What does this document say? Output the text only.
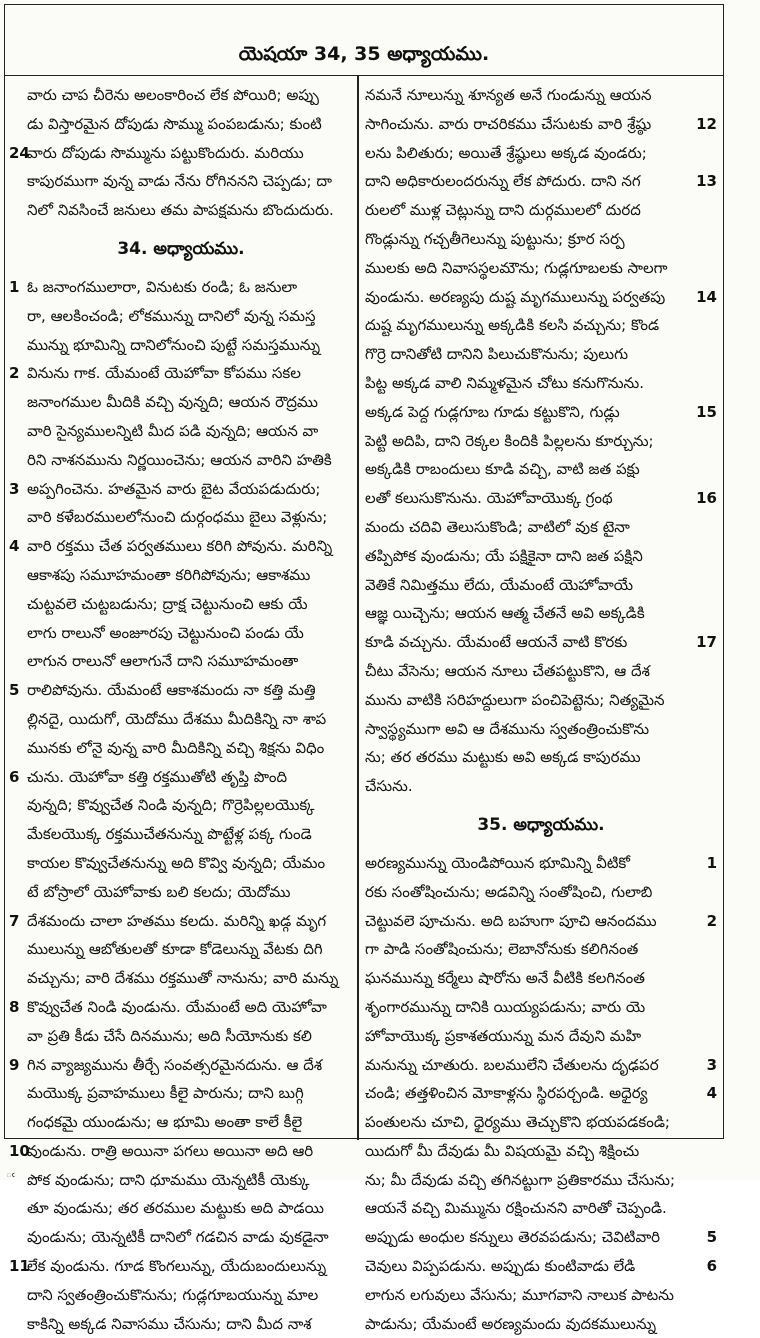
యెషయా 34, 35 అధ్యాయము.
వారు చాప చీరెను అలంకారించ లేక పోయిరి; అప్పు
డు విస్తారమైన దోపుడు సొమ్ము పంపబడును; కుంటి
24వారు దోపుడు సొమ్మును పట్టుకొందురు. మరియు
కాపురముగా వున్న వాడు నేను రోగిననని చెప్పడు; దా
నిలో నివసించే జనులు తమ పాపక్షమను బొందుదురు.
34. అధ్యాయము.
1 ఓ జనాంగములారా, వినుటకు రండి; ఓ జనులా
రా, ఆలకించండి; లోకమున్ను దానిలో వున్న సమస్త
మున్ను భూమిన్ని దానిలోనుంచి పుట్టే సమస్తమున్ను
2 వినును గాక. యేమంటే యెహోవా కోపము సకల
జనాంగముల మీదికి వచ్చి వున్నది; ఆయన రౌద్రము
వారి సైన్యములన్నిటి మీద పడి వున్నది; ఆయన వా
రిని నాశనమును నిర్ణయించెను; ఆయన వారిని హతికి
3 అప్పగించెను. హతమైన వారు బైట వేయపడుదురు;
వారి కళేబరములలోనుంచి దుర్గంధము బైలు వెళ్లును;
4 వారి రక్తము చేత పర్వతములు కరిగి పోవును. మరిన్ని
ఆకాశపు సమూహమంతా కరిగిపోవును; ఆకాశము
చుట్టవలె చుట్టబడును; ద్రాక్ష చెట్టునుంచి ఆకు యే
లాగు రాలునో అంజూరపు చెట్టునుంచి పండు యే
లాగున రాలునో ఆలాగునే దాని సమూహమంతా
5 రాలిపోవును. యేమంటే ఆకాశమందు నా కత్తి మత్తి
ల్లినదై, యిదుగో, యెదోము దేశము మీదికిన్ని నా శాప
మునకు లోనై వున్న వారి మీదికిన్ని వచ్చి శిక్షను విధిం
6 చును. యెహోవా కత్తి రక్తముతోటి తృప్తి పొంది
వున్నది; కొవ్వుచేత నిండి వున్నది; గొర్రెపిల్లలయొక్క
మేకలయొక్క రక్తముచేతనున్ను పొట్టేళ్ల పక్క గుండె
కాయల కొవ్వుచేతనున్ను అది కొవ్వి వున్నది; యేమం
టే బోస్రాలో యెహోవాకు బలి కలదు; యెదోము
7 దేశమందు చాలా హతము కలదు. మరిన్ని ఖడ్గ మృగ
ములున్ను ఆబోతులతో కూడా కోడెలున్ను వేటకు దిగి
వచ్చును; వారి దేశము రక్తముతో నానును; వారి మన్ను
8 కొవ్వుచేత నిండి వుండును. యేమంటే అది యెహోవా
వా ప్రతి కీడు చేసే దినమును; అది సీయోనుకు కలి
9 గిన వ్యాజ్యమును తీర్చే సంవత్సరమైనదును. ఆ దేశ
మయొక్క ప్రవాహములు కీలై పారును; దాని బుగ్గి
గంధకమై యుండును; ఆ భూమి అంతా కాలే కీలై
10వుండును. రాత్రి అయినా పగలు అయినా అది ఆరి
పోక వుండును; దాని ధూమము యెన్నటికీ యెక్కు
తూ వుండును; తర తరముల మట్టుకు అది పాడయి
వుండును; యెన్నటికీ దానిలో గడచిన వాడు వుకడైనా
11లేక వుండును. గూడ కొంగలున్ను, యేదుబందులున్ను
దాని స్వతంత్రించుకొనును; గుడ్లగూబయున్ను మాల
కాకిన్ని అక్కడ నివాసము చేసును; దాని మీద నాశ
నమనే నూలున్ను శూన్యత అనే గుండున్ను ఆయన
సాగించును. వారు రాచరికము చేసుటకు వారి శ్రేష్ఠు	12
లను పిలితురు; అయితే శ్రేష్ఠులు అక్కడ వుండరు;
దాని అధికారులందరున్ను లేక పోదురు. దాని నగ	13
రులలో ముళ్ల చెట్లున్ను దాని దుర్గములలో దురద
గొండ్లున్ను గచ్చతీగెలున్ను పుట్టును; క్రూర సర్ప
ములకు అది నివాసస్థలమౌను; గుడ్లగూబలకు సాలగా
వుండును. అరణ్యపు దుష్ట మృగములున్ను పర్వతపు 14
దుష్ట మృగములున్ను అక్కడికి కలసి వచ్చును; కొండ
గొర్రె దానితోటి దానిని పిలుచుకొనును; పులుగు
పిట్ట అక్కడ వాలి నిమ్మళమైన చోటు కనుగొనును.
అక్కడ పెద్ద గుడ్లగూబ గూడు కట్టుకొని, గుడ్లు	15
పెట్టి అదిపి, దాని రెక్కల కిందికి పిల్లలను కూర్చును;
అక్కడికి రాబందులు కూడి వచ్చి, వాటి జత పక్షు
లతో కలుసుకొనును. యెహోవాయొక్క గ్రంథ	16
మందు చదివి తెలుసుకొండి; వాటిలో వుక టైనా
తప్పిపోక వుండును; యే పక్షికైనా దాని జత పక్షిని
వెతికే నిమిత్తము లేదు, యేమంటే యెహోవాయే
ఆజ్ఞ యిచ్చెను; ఆయన ఆత్మ చేతనే అవి అక్కడికి
కూడి వచ్చును. యేమంటే ఆయనే వాటి కొరకు	17
చీటు వేసెను; ఆయన నూలు చేతపట్టుకొని, ఆ దేశ
మును వాటికి సరిహద్దులుగా పంచిపెట్టెను; నిత్యమైన
స్వాస్థ్యముగా అవి ఆ దేశమును స్వతంత్రించుకొను
ను; తర తరము మట్టుకు అవి అక్కడ కాపురము
చేసును.
35. అధ్యాయము.
అరణ్యమున్ను యెండిపోయిన భూమిన్ని వీటికో	1
రకు సంతోషించును; అడవిన్ని సంతోషించి, గులాబి
చెట్టువలె పూచును. అది బహుగా పూచి ఆనందము	2
గా పాడి సంతోషించును; లెబానోనుకు కలిగినంత
ఘనమున్ను కర్మేలు షారోను అనే వీటికి కలగినంత
శృంగారమున్ను దానికి యియ్యపడును; వారు యె
హోవాయొక్క ప్రకాశతయున్ను మన దేవుని మహి
మనున్ను చూతురు. బలములేని చేతులను దృఢపర	3
చండి; తత్తళించిన మోకాళ్లను స్థిరపర్చండి. అధైర్య	4
పంతులను చూచి, ధైర్యము తెచ్చుకొని భయపడకండి;
యిదుగో మీ దేవుడు మీ విషయమై వచ్చి శిక్షించు
ను; మీ దేవుడు వచ్చి తగినట్టుగా ప్రతికారము చేసును;
ఆయనే వచ్చి మిమ్మును రక్షించునని వారితో చెప్పండి.
అప్పుడు అంధుల కన్నులు తెరవపడును; చెవిటివారి	5
చెవులు విప్పపడును. అప్పుడు కుంటివాడు లేడి	6
లాగున లగువులు వేసును; మూగవాని నాలుక పాటను
పాడును; యేమంటే అరణ్యమందు వుదకములున్ను
ఁ
